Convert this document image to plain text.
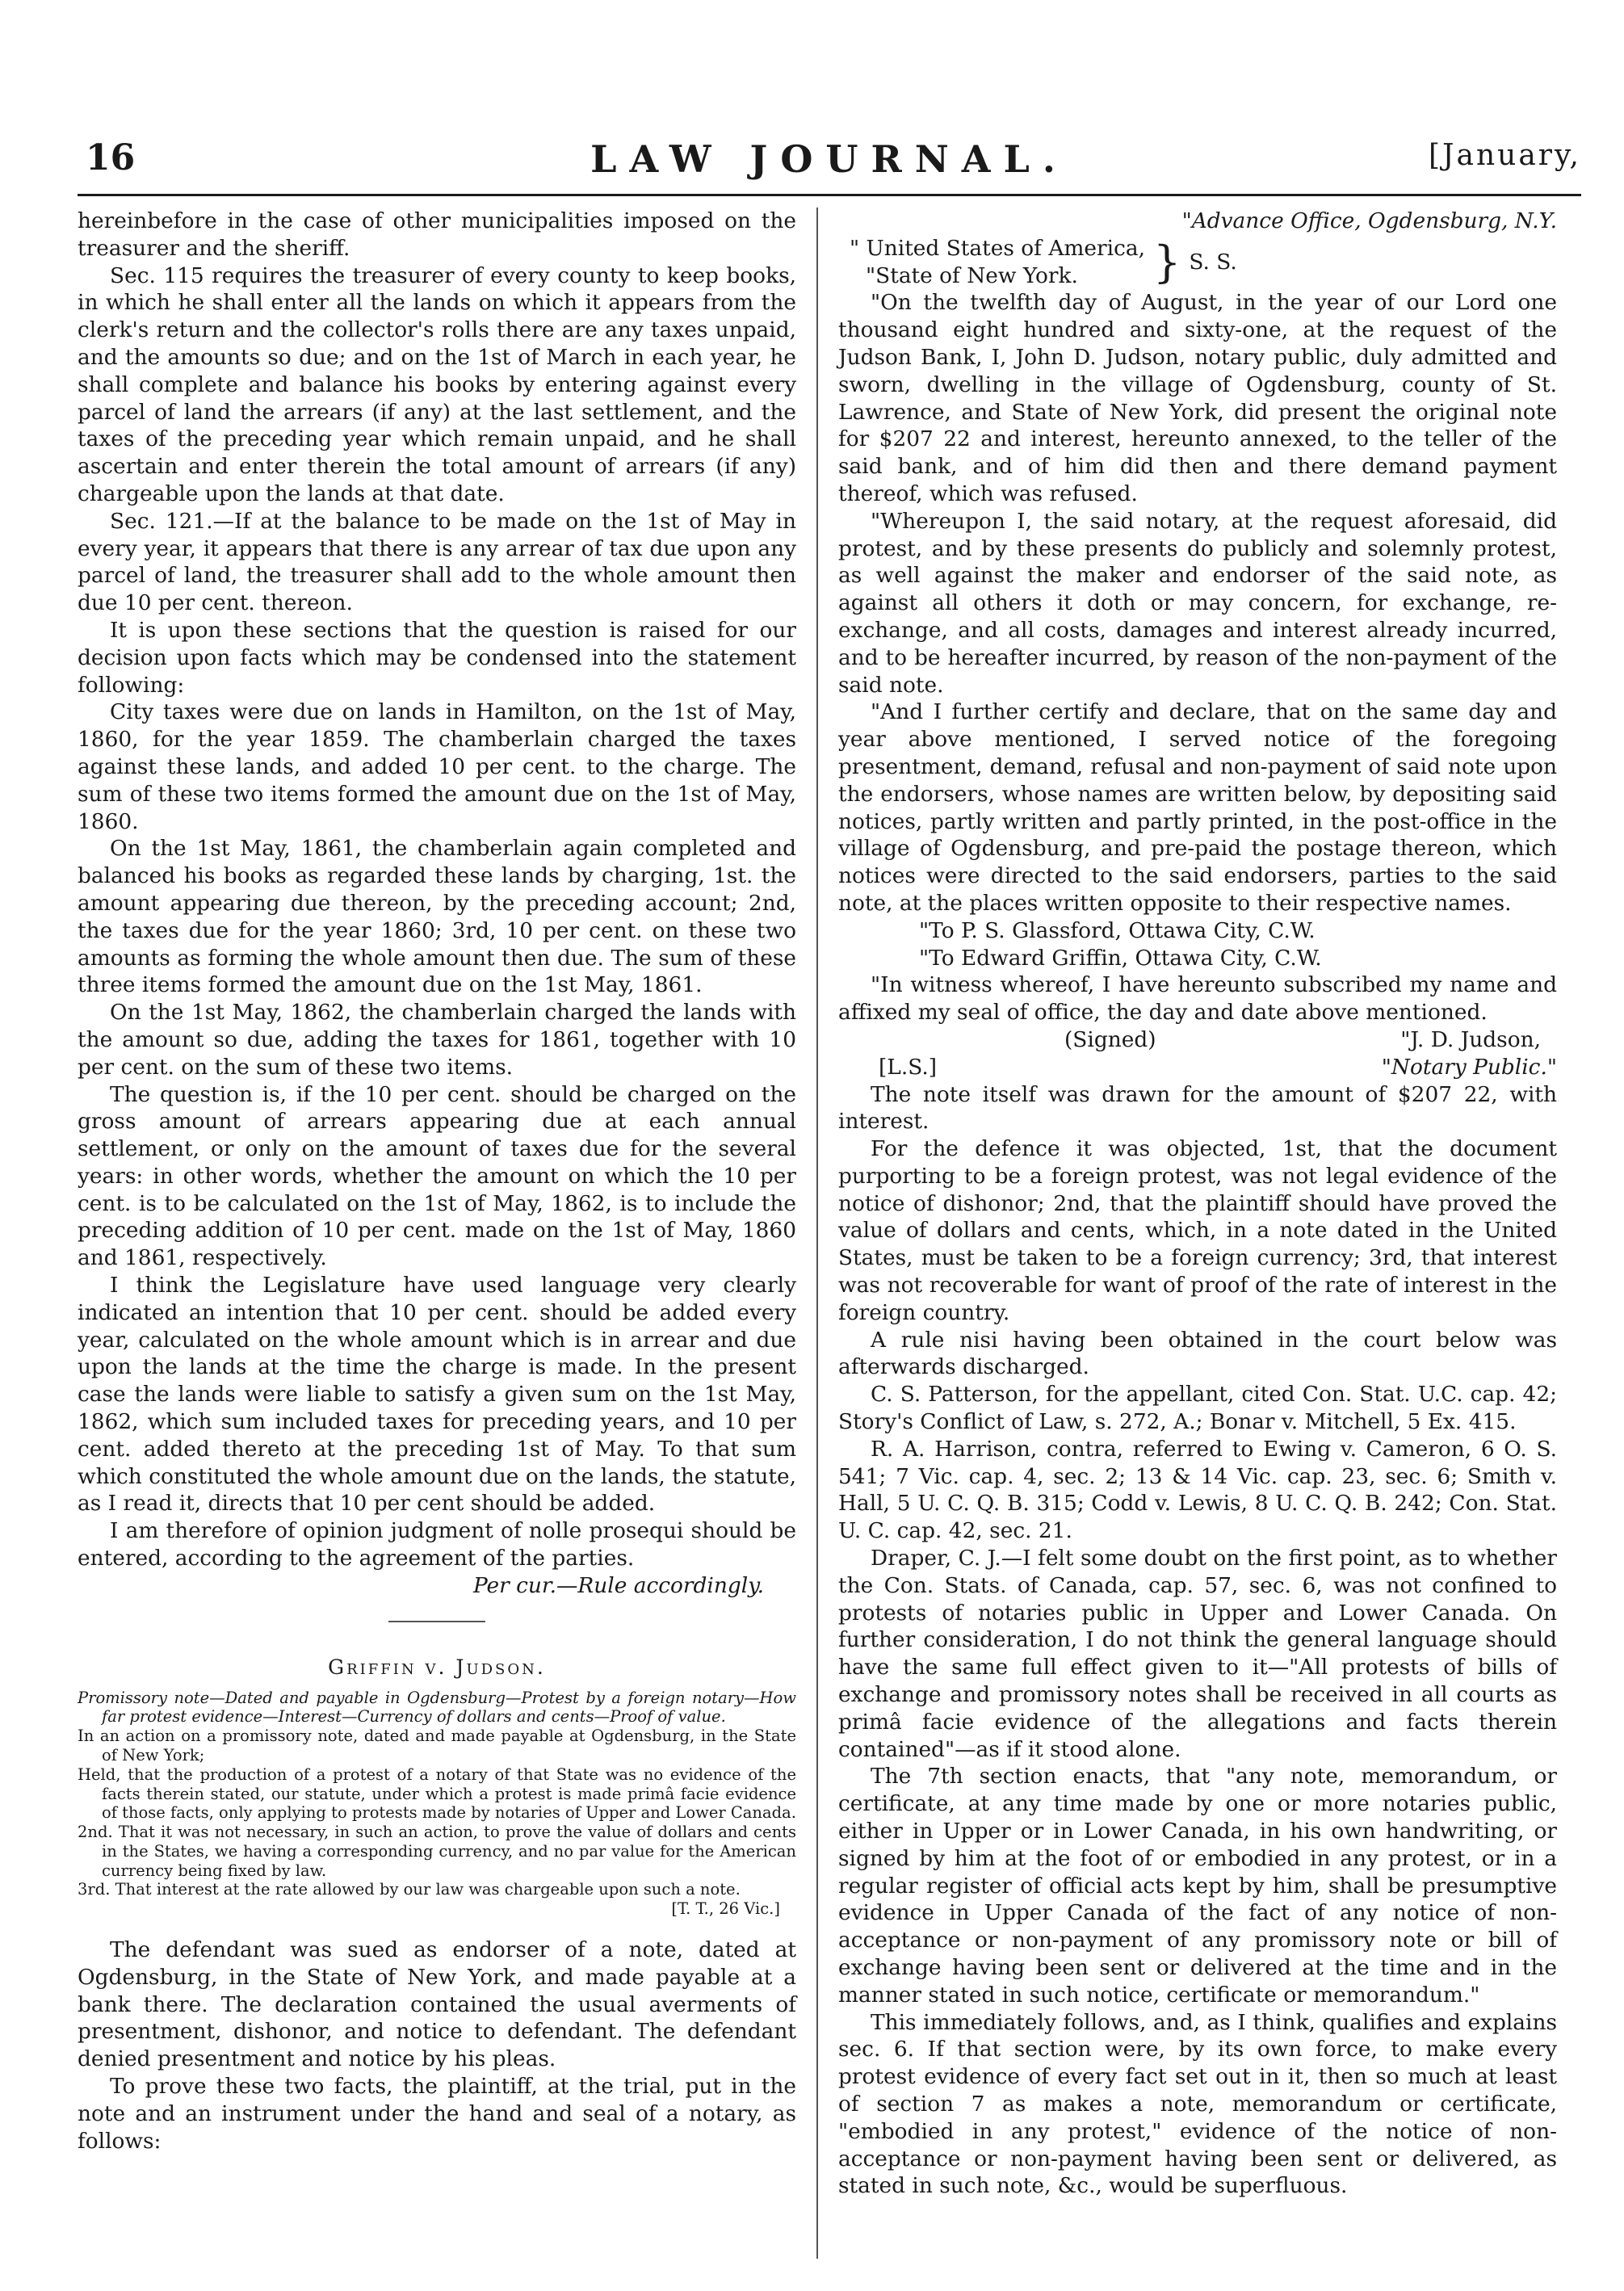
16	LAW JOURNAL.	[January,

hereinbefore in the case of other municipalities imposed on the treasurer and the sheriff.

Sec. 115 requires the treasurer of every county to keep books, in which he shall enter all the lands on which it appears from the clerk's return and the collector's rolls there are any taxes unpaid, and the amounts so due; and on the 1st of March in each year, he shall complete and balance his books by entering against every parcel of land the arrears (if any) at the last settlement, and the taxes of the preceding year which remain unpaid, and he shall ascertain and enter therein the total amount of arrears (if any) chargeable upon the lands at that date.

Sec. 121.—If at the balance to be made on the 1st of May in every year, it appears that there is any arrear of tax due upon any parcel of land, the treasurer shall add to the whole amount then due 10 per cent. thereon.

It is upon these sections that the question is raised for our decision upon facts which may be condensed into the statement following:

City taxes were due on lands in Hamilton, on the 1st of May, 1860, for the year 1859. The chamberlain charged the taxes against these lands, and added 10 per cent. to the charge. The sum of these two items formed the amount due on the 1st of May, 1860.

On the 1st May, 1861, the chamberlain again completed and balanced his books as regarded these lands by charging, 1st. the amount appearing due thereon, by the preceding account; 2nd, the taxes due for the year 1860; 3rd, 10 per cent. on these two amounts as forming the whole amount then due. The sum of these three items formed the amount due on the 1st May, 1861.

On the 1st May, 1862, the chamberlain charged the lands with the amount so due, adding the taxes for 1861, together with 10 per cent. on the sum of these two items.

The question is, if the 10 per cent. should be charged on the gross amount of arrears appearing due at each annual settlement, or only on the amount of taxes due for the several years: in other words, whether the amount on which the 10 per cent. is to be calculated on the 1st of May, 1862, is to include the preceding addition of 10 per cent. made on the 1st of May, 1860 and 1861, respectively.

I think the Legislature have used language very clearly indicated an intention that 10 per cent. should be added every year, calculated on the whole amount which is in arrear and due upon the lands at the time the charge is made. In the present case the lands were liable to satisfy a given sum on the 1st May, 1862, which sum included taxes for preceding years, and 10 per cent. added thereto at the preceding 1st of May. To that sum which constituted the whole amount due on the lands, the statute, as I read it, directs that 10 per cent should be added.

I am therefore of opinion judgment of nolle prosequi should be entered, according to the agreement of the parties.

Per cur.—Rule accordingly.

Griffin v. Judson.

Promissory note—Dated and payable in Ogdensburg—Protest by a foreign notary—How far protest evidence—Interest—Currency of dollars and cents—Proof of value.

In an action on a promissory note, dated and made payable at Ogdensburg, in the State of New York;

Held, that the production of a protest of a notary of that State was no evidence of the facts therein stated, our statute, under which a protest is made primâ facie evidence of those facts, only applying to protests made by notaries of Upper and Lower Canada.

2nd. That it was not necessary, in such an action, to prove the value of dollars and cents in the States, we having a corresponding currency, and no par value for the American currency being fixed by law.

3rd. That interest at the rate allowed by our law was chargeable upon such a note.

[T. T., 26 Vic.]

The defendant was sued as endorser of a note, dated at Ogdensburg, in the State of New York, and made payable at a bank there. The declaration contained the usual averments of presentment, dishonor, and notice to defendant. The defendant denied presentment and notice by his pleas.

To prove these two facts, the plaintiff, at the trial, put in the note and an instrument under the hand and seal of a notary, as follows:

"Advance Office, Ogdensburg, N.Y.

" United States of America,
"State of New York.	} S. S.

"On the twelfth day of August, in the year of our Lord one thousand eight hundred and sixty-one, at the request of the Judson Bank, I, John D. Judson, notary public, duly admitted and sworn, dwelling in the village of Ogdensburg, county of St. Lawrence, and State of New York, did present the original note for $207 22 and interest, hereunto annexed, to the teller of the said bank, and of him did then and there demand payment thereof, which was refused.

"Whereupon I, the said notary, at the request aforesaid, did protest, and by these presents do publicly and solemnly protest, as well against the maker and endorser of the said note, as against all others it doth or may concern, for exchange, re-exchange, and all costs, damages and interest already incurred, and to be hereafter incurred, by reason of the non-payment of the said note.

"And I further certify and declare, that on the same day and year above mentioned, I served notice of the foregoing presentment, demand, refusal and non-payment of said note upon the endorsers, whose names are written below, by depositing said notices, partly written and partly printed, in the post-office in the village of Ogdensburg, and pre-paid the postage thereon, which notices were directed to the said endorsers, parties to the said note, at the places written opposite to their respective names.

"To P. S. Glassford, Ottawa City, C.W.

"To Edward Griffin, Ottawa City, C.W.

"In witness whereof, I have hereunto subscribed my name and affixed my seal of office, the day and date above mentioned.

(Signed)	"J. D. Judson,
[L.S.]	"Notary Public."

The note itself was drawn for the amount of $207 22, with interest.

For the defence it was objected, 1st, that the document purporting to be a foreign protest, was not legal evidence of the notice of dishonor; 2nd, that the plaintiff should have proved the value of dollars and cents, which, in a note dated in the United States, must be taken to be a foreign currency; 3rd, that interest was not recoverable for want of proof of the rate of interest in the foreign country.

A rule nisi having been obtained in the court below was afterwards discharged.

C. S. Patterson, for the appellant, cited Con. Stat. U.C. cap. 42; Story's Conflict of Law, s. 272, A.; Bonar v. Mitchell, 5 Ex. 415.

R. A. Harrison, contra, referred to Ewing v. Cameron, 6 O. S. 541; 7 Vic. cap. 4, sec. 2; 13 & 14 Vic. cap. 23, sec. 6; Smith v. Hall, 5 U. C. Q. B. 315; Codd v. Lewis, 8 U. C. Q. B. 242; Con. Stat. U. C. cap. 42, sec. 21.

Draper, C. J.—I felt some doubt on the first point, as to whether the Con. Stats. of Canada, cap. 57, sec. 6, was not confined to protests of notaries public in Upper and Lower Canada. On further consideration, I do not think the general language should have the same full effect given to it—"All protests of bills of exchange and promissory notes shall be received in all courts as primâ facie evidence of the allegations and facts therein contained"—as if it stood alone.

The 7th section enacts, that "any note, memorandum, or certificate, at any time made by one or more notaries public, either in Upper or in Lower Canada, in his own handwriting, or signed by him at the foot of or embodied in any protest, or in a regular register of official acts kept by him, shall be presumptive evidence in Upper Canada of the fact of any notice of non-acceptance or non-payment of any promissory note or bill of exchange having been sent or delivered at the time and in the manner stated in such notice, certificate or memorandum."

This immediately follows, and, as I think, qualifies and explains sec. 6. If that section were, by its own force, to make every protest evidence of every fact set out in it, then so much at least of section 7 as makes a note, memorandum or certificate, "embodied in any protest," evidence of the notice of non-acceptance or non-payment having been sent or delivered, as stated in such note, &c., would be superfluous.
